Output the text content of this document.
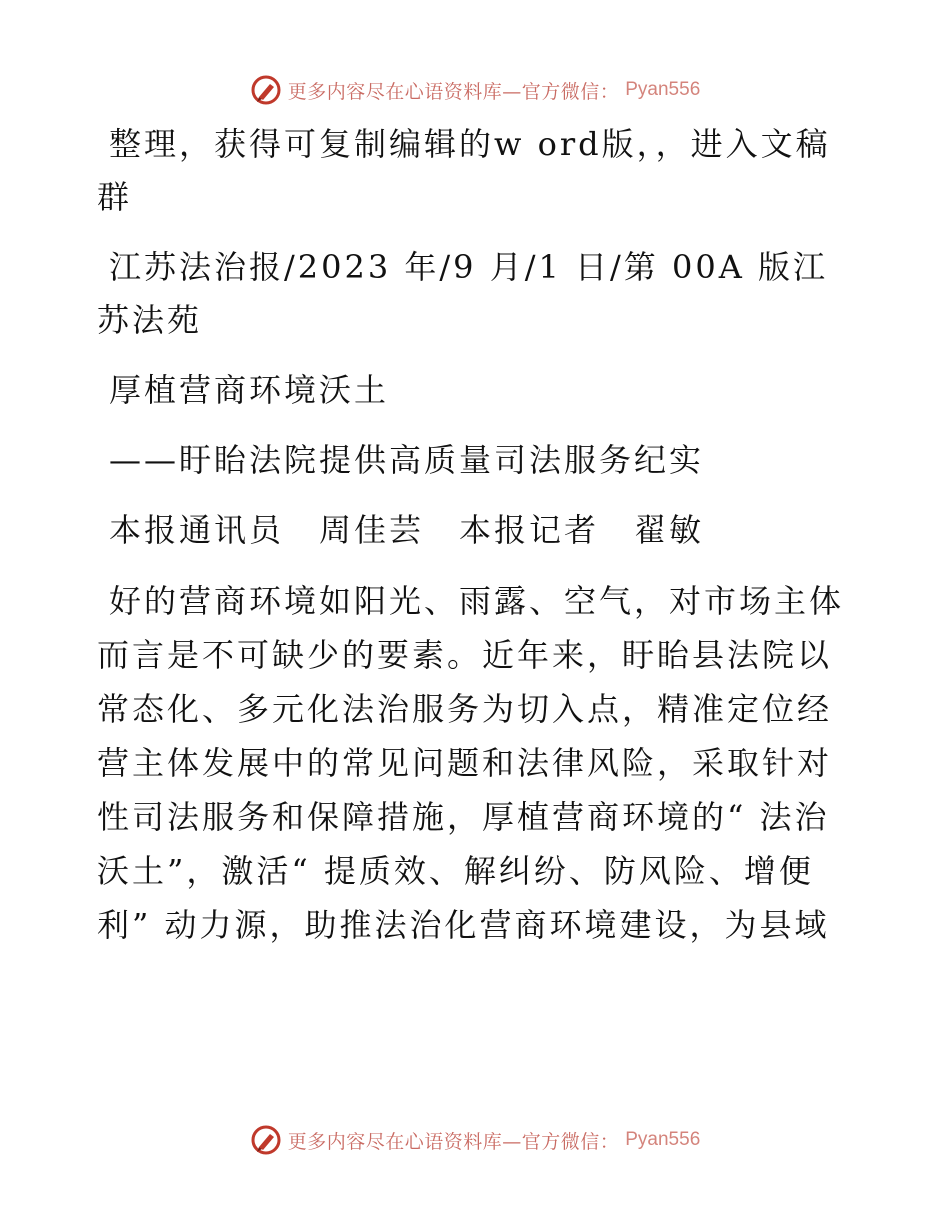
更多内容尽在心语资料库—官方微信： Pyan556

整理，获得可复制编辑的w ord版，，进入文稿群

江苏法治报/2023 年/9 月/1 日/第 00A 版江苏法苑

厚植营商环境沃土

——盱眙法院提供高质量司法服务纪实

本报通讯员　周佳芸　本报记者　翟敏

好的营商环境如阳光、雨露、空气，对市场主体而言是不可缺少的要素。近年来，盱眙县法院以常态化、多元化法治服务为切入点，精准定位经营主体发展中的常见问题和法律风险，采取针对性司法服务和保障措施，厚植营商环境的“ 法治沃土”，激活“ 提质效、解纠纷、防风险、增便利” 动力源，助推法治化营商环境建设，为县域

更多内容尽在心语资料库—官方微信： Pyan556
